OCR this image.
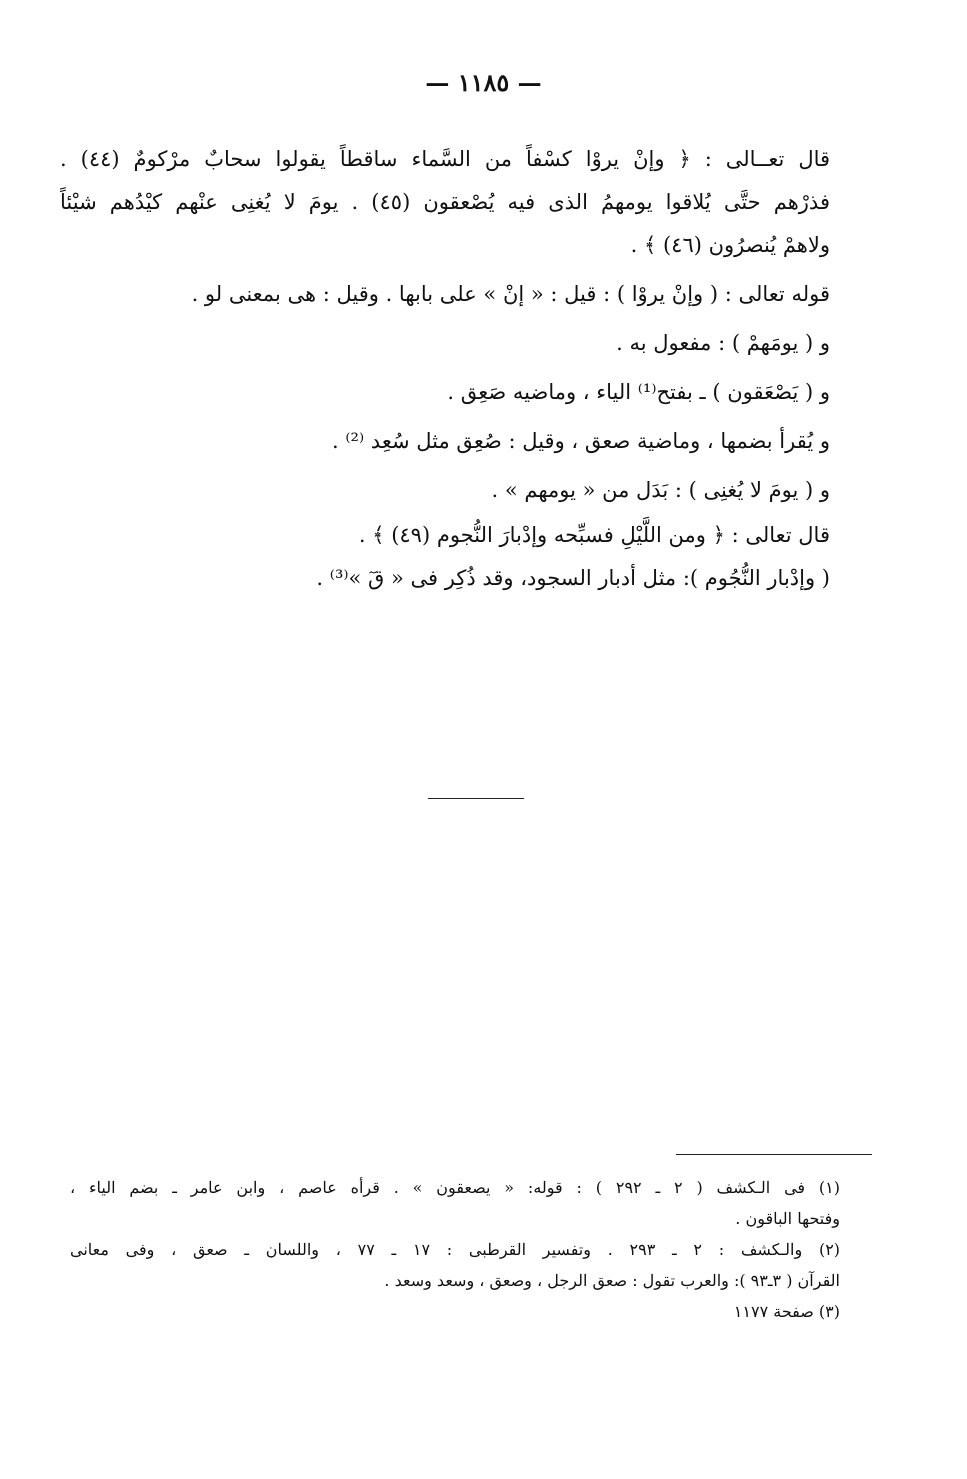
— ١١٨٥ —
قال تعــالى : ﴿ وإنْ يروْا كسْفاً من السَّماء ساقطاً يقولوا سحابٌ مرْكومٌ (٤٤) .
فذرْهم حتَّى يُلاقوا يومهمُ الذى فيه يُصْعقون (٤٥) . يومَ لا يُغنِى عنْهم كيْدُهم شيْئاً
ولاهمْ يُنصرُون (٤٦) ﴾ .
قوله تعالى : ( وإنْ يروْا ) : قيل : « إنْ » على بابها . وقيل : هى بمعنى لو .
و ( يومَهمْ ) : مفعول به .
و ( يَصْعَقون ) ـ بفتح⁽¹⁾ الياء ، وماضيه صَعِق .
و يُقرأ بضمها ، وماضية صعق ، وقيل : صُعِق مثل سُعِد ⁽²⁾ .
و ( يومَ لا يُغنِى ) : بَدَل من « يومهم » .
قال تعالى : ﴿ ومن اللَّيْلِ فسبِّحه وإدْبارَ النُّجوم (٤٩) ﴾ .
( وإدْبار النُّجُوم ): مثل أدبار السجود، وقد ذُكِر فى « قٓ »⁽³⁾ .
(١) فى الـكشف ( ٢ ـ ٢٩٢ ) : قوله: « يصعقون » . قرأه عاصم ، وابن عامر ـ بضم الياء ،
وفتحها الباقون .
(٢) والـكشف : ٢ ـ ٢٩٣ . وتفسير القرطبى : ١٧ ـ ٧٧ ، واللسان ـ صعق ، وفى معانى
القرآن ( ٣ـ٩٣ ): والعرب تقول : صعق الرجل ، وصعق ، وسعد وسعد .
(٣) صفحة ١١٧٧
